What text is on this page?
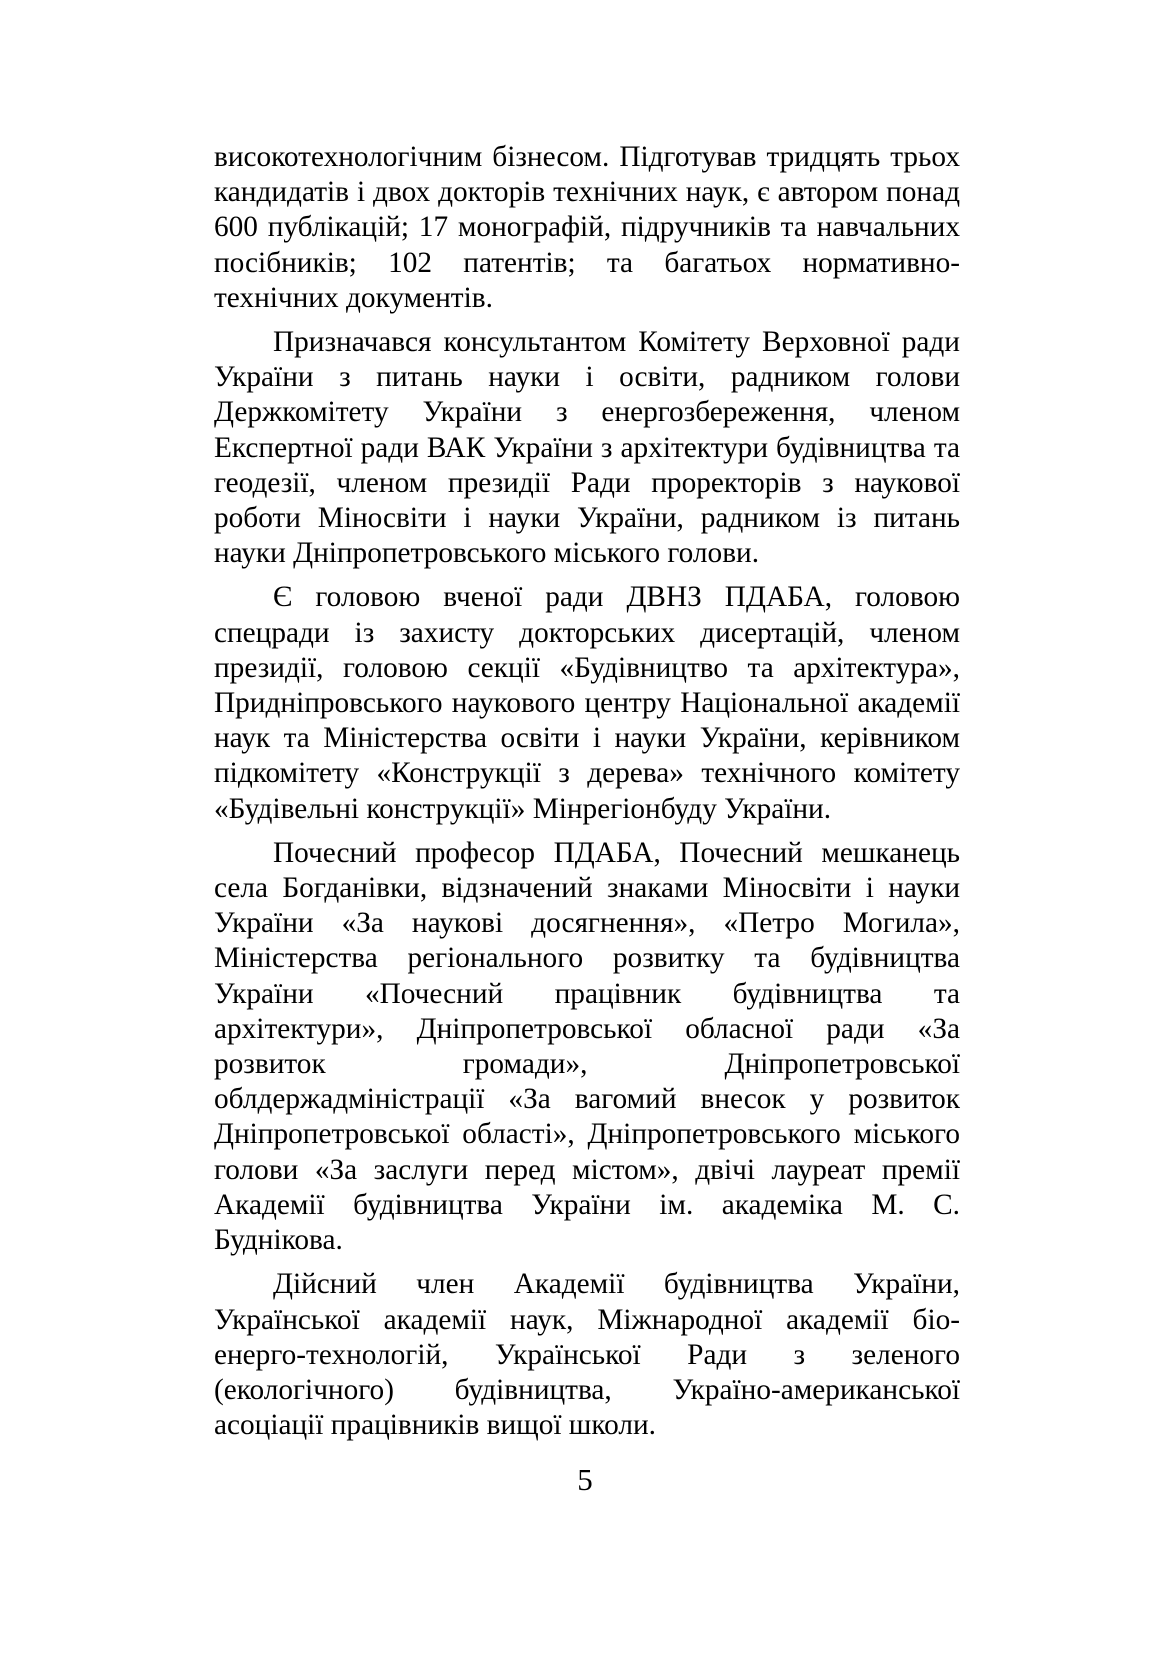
високотехнологічним бізнесом. Підготував тридцять трьох кандидатів і двох докторів технічних наук, є автором понад 600 публікацій; 17 монографій, підручників та навчальних посібників; 102 патентів; та багатьох нормативно-технічних документів.

Призначався консультантом Комітету Верховної ради України з питань науки і освіти, радником голови Держкомітету України з енергозбереження, членом Експертної ради ВАК України з архітектури будівництва та геодезії, членом президії Ради проректорів з наукової роботи Міносвіти і науки України, радником із питань науки Дніпропетровського міського голови.

Є головою вченої ради ДВНЗ ПДАБА, головою спецради із захисту докторських дисертацій, членом президії, головою секції «Будівництво та архітектура», Придніпровського наукового центру Національної академії наук та Міністерства освіти і науки України, керівником підкомітету «Конструкції з дерева» технічного комітету «Будівельні конструкції» Мінрегіонбуду України.

Почесний професор ПДАБА, Почесний мешканець села Богданівки, відзначений знаками Міносвіти і науки України «За наукові досягнення», «Петро Могила», Міністерства регіонального розвитку та будівництва України «Почесний працівник будівництва та архітектури», Дніпропетровської обласної ради «За розвиток громади», Дніпропетровської облдержадміністрації «За вагомий внесок у розвиток Дніпропетровської області», Дніпропетровського міського голови «За заслуги перед містом», двічі лауреат премії Академії будівництва України ім. академіка М. С. Буднікова.

Дійсний член Академії будівництва України, Української академії наук, Міжнародної академії біо-енерго-технологій, Української Ради з зеленого (екологічного) будівництва, Україно-американської асоціації працівників вищої школи.

5
